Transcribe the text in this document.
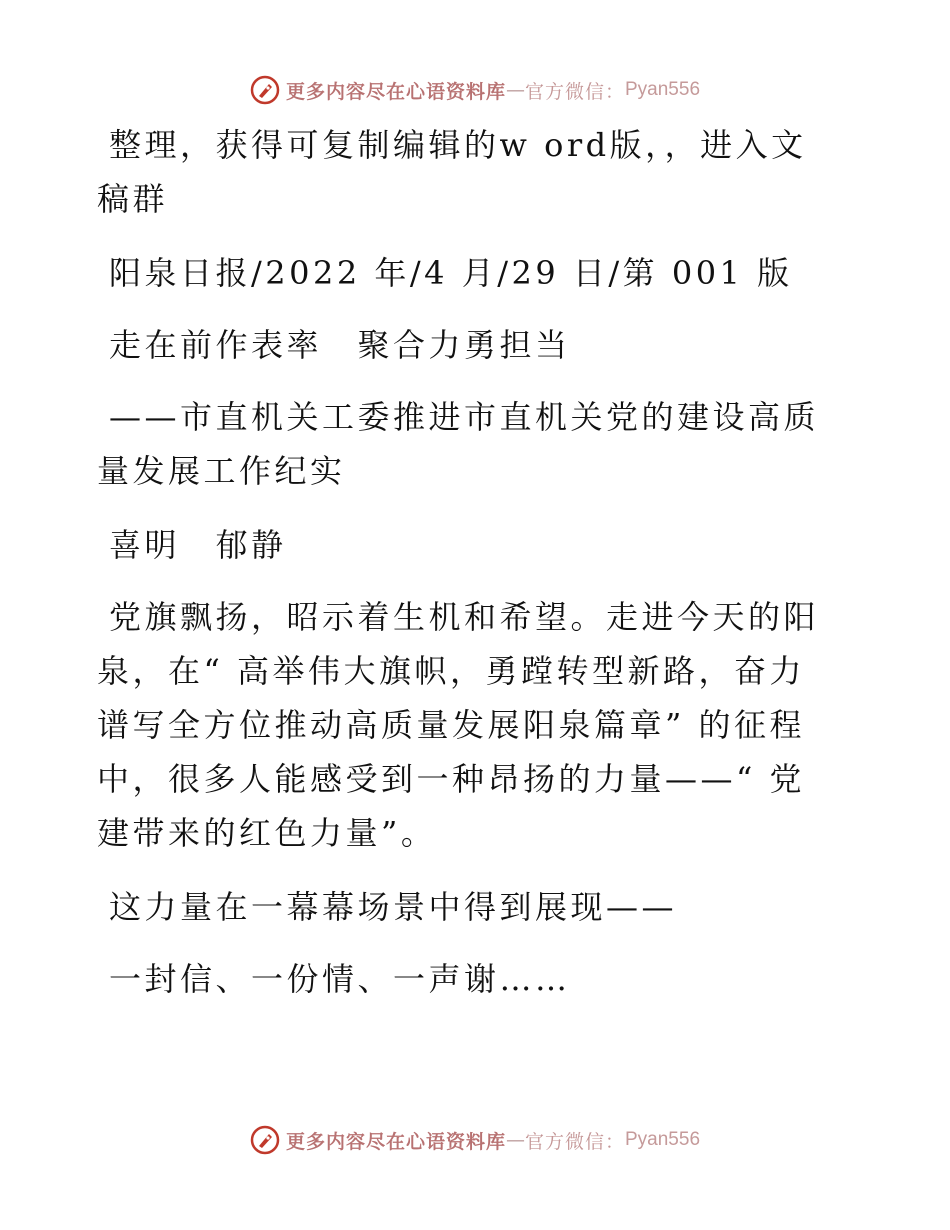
更多内容尽在心语资料库 — 官方微信： Pyan556

整理，获得可复制编辑的w ord版，，进入文稿群

阳泉日报/2022 年/4 月/29 日/第 001 版

走在前作表率　聚合力勇担当

——市直机关工委推进市直机关党的建设高质量发展工作纪实

喜明　郁静

党旗飘扬，昭示着生机和希望。走进今天的阳泉，在“ 高举伟大旗帜，勇蹚转型新路，奋力谱写全方位推动高质量发展阳泉篇章” 的征程中，很多人能感受到一种昂扬的力量——“ 党建带来的红色力量”。

这力量在一幕幕场景中得到展现——

一封信、一份情、一声谢……

更多内容尽在心语资料库 — 官方微信： Pyan556
